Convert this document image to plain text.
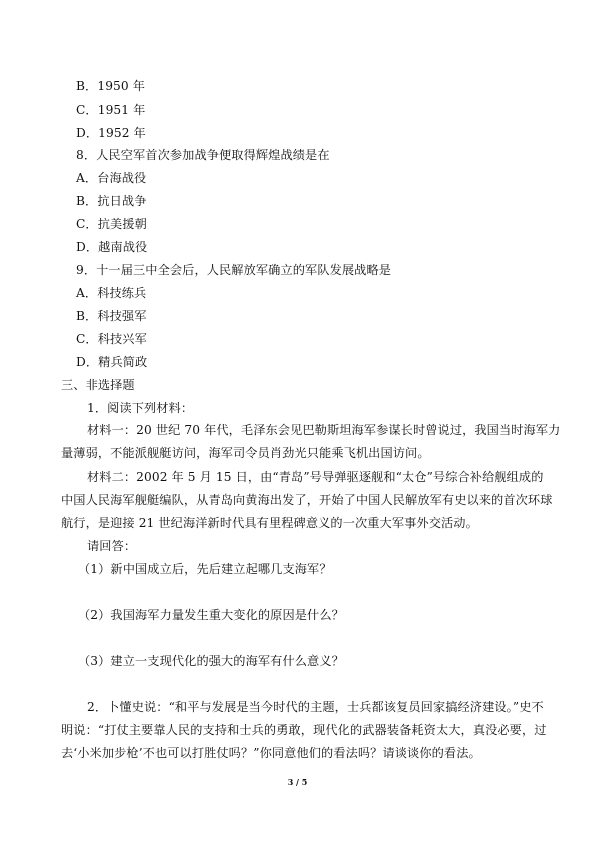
B．1950 年
C．1951 年
D．1952 年
8．人民空军首次参加战争便取得辉煌战绩是在
A．台海战役
B．抗日战争
C．抗美援朝
D．越南战役
9．十一届三中全会后，人民解放军确立的军队发展战略是
A．科技练兵
B．科技强军
C．科技兴军
D．精兵简政
三、非选择题
1．阅读下列材料：
材料一：20 世纪 70 年代，毛泽东会见巴勒斯坦海军参谋长时曾说过，我国当时海军力
量薄弱，不能派舰艇访问，海军司令员肖劲光只能乘飞机出国访问。
材料二：2002 年 5 月 15 日，由“青岛”号导弹驱逐舰和“太仓”号综合补给舰组成的
中国人民海军舰艇编队，从青岛向黄海出发了，开始了中国人民解放军有史以来的首次环球
航行，是迎接 21 世纪海洋新时代具有里程碑意义的一次重大军事外交活动。
请回答：
（1）新中国成立后，先后建立起哪几支海军？
（2）我国海军力量发生重大变化的原因是什么？
（3）建立一支现代化的强大的海军有什么意义？
2．卜懂史说：“和平与发展是当今时代的主题，士兵都该复员回家搞经济建设。”史不
明说：“打仗主要靠人民的支持和士兵的勇敢，现代化的武器装备耗资太大，真没必要，过
去‘小米加步枪’不也可以打胜仗吗？”你同意他们的看法吗？请谈谈你的看法。
3 / 5
